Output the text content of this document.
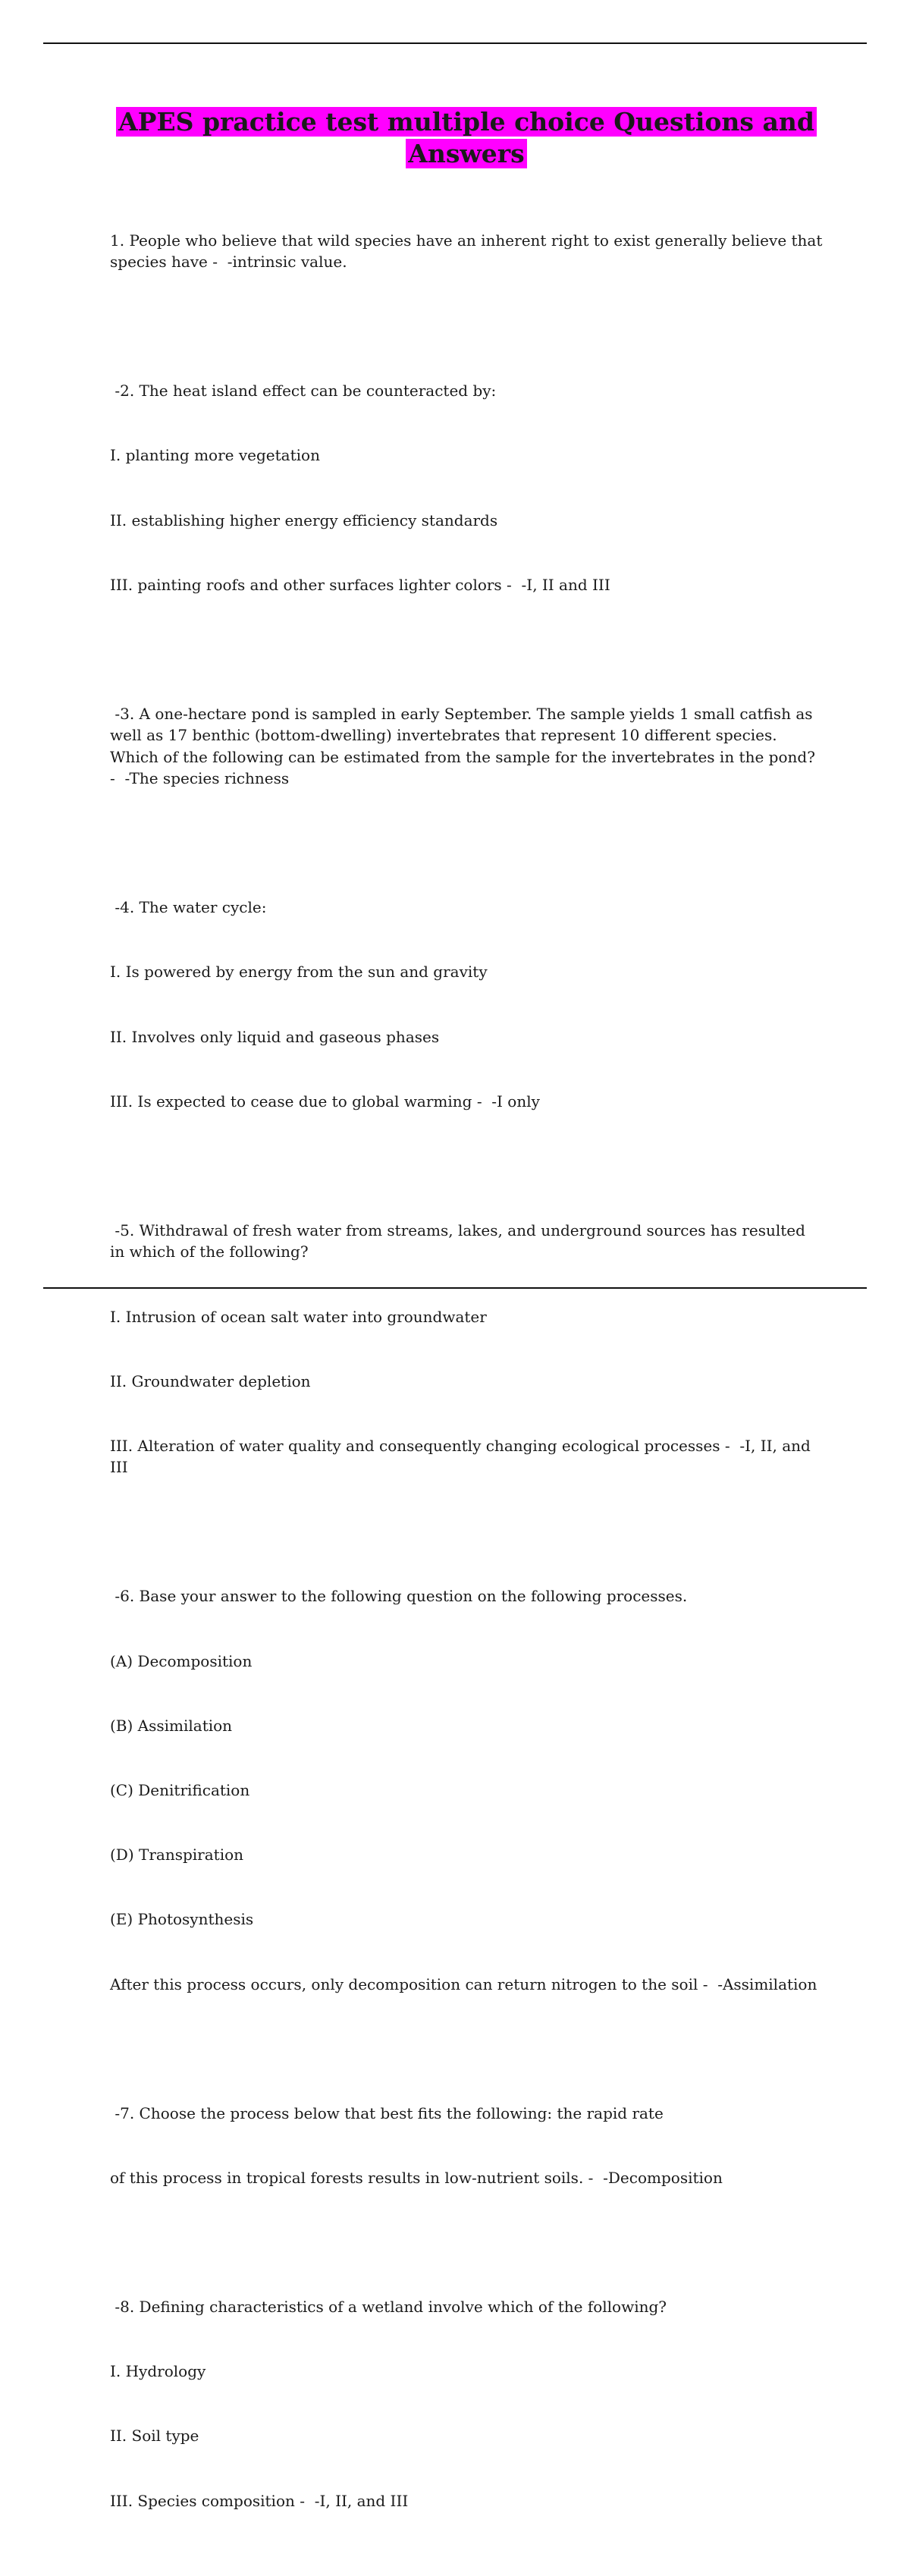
APES practice test multiple choice Questions and Answers

1. People who believe that wild species have an inherent right to exist generally believe that species have -  -intrinsic value.

-2. The heat island effect can be counteracted by:

I. planting more vegetation

II. establishing higher energy efficiency standards

III. painting roofs and other surfaces lighter colors -  -I, II and III

-3. A one-hectare pond is sampled in early September. The sample yields 1 small catfish as well as 17 benthic (bottom-dwelling) invertebrates that represent 10 different species. Which of the following can be estimated from the sample for the invertebrates in the pond? -  -The species richness

-4. The water cycle:

I. Is powered by energy from the sun and gravity

II. Involves only liquid and gaseous phases

III. Is expected to cease due to global warming -  -I only

-5. Withdrawal of fresh water from streams, lakes, and underground sources has resulted in which of the following?

I. Intrusion of ocean salt water into groundwater

II. Groundwater depletion

III. Alteration of water quality and consequently changing ecological processes -  -I, II, and III

-6. Base your answer to the following question on the following processes.

(A) Decomposition

(B) Assimilation

(C) Denitrification

(D) Transpiration

(E) Photosynthesis

After this process occurs, only decomposition can return nitrogen to the soil -  -Assimilation

-7. Choose the process below that best fits the following: the rapid rate

of this process in tropical forests results in low-nutrient soils. -  -Decomposition

-8. Defining characteristics of a wetland involve which of the following?

I. Hydrology

II. Soil type

III. Species composition -  -I, II, and III
